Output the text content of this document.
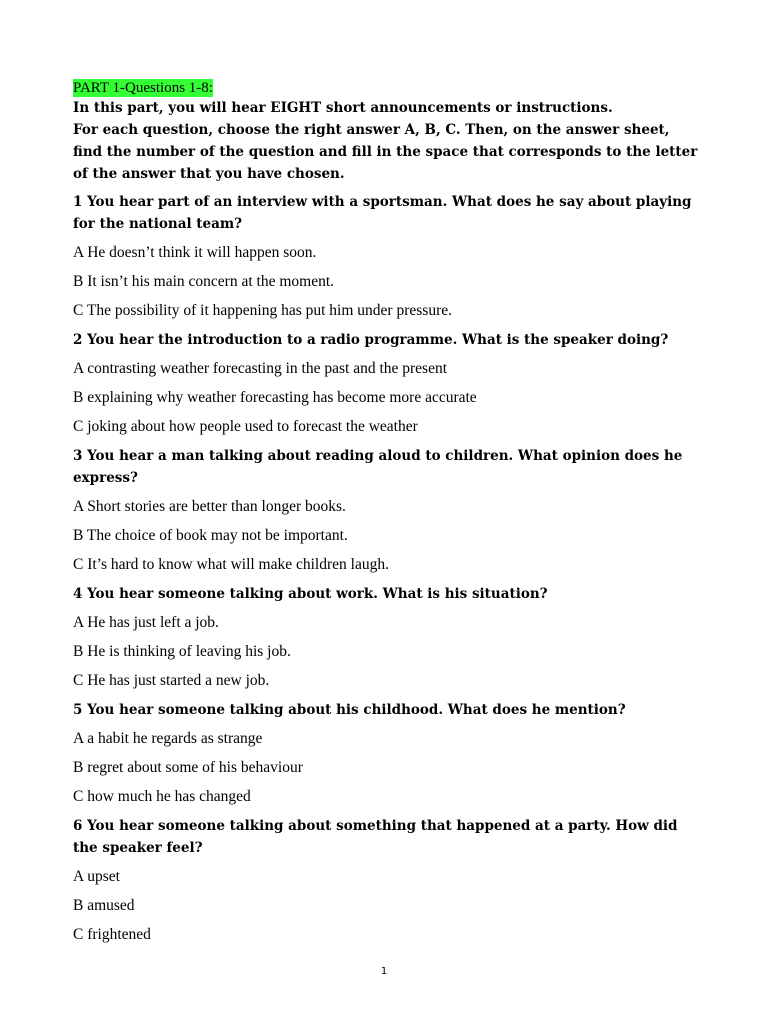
PART 1-Questions 1-8:
In this part, you will hear EIGHT short announcements or instructions.
For each question, choose the right answer A, B, C. Then, on the answer sheet, find the number of the question and fill in the space that corresponds to the letter of the answer that you have chosen.
1 You hear part of an interview with a sportsman. What does he say about playing for the national team?
A He doesn’t think it will happen soon.
B It isn’t his main concern at the moment.
C The possibility of it happening has put him under pressure.
2 You hear the introduction to a radio programme. What is the speaker doing?
A contrasting weather forecasting in the past and the present
B explaining why weather forecasting has become more accurate
C joking about how people used to forecast the weather
3 You hear a man talking about reading aloud to children. What opinion does he express?
A Short stories are better than longer books.
B The choice of book may not be important.
C It’s hard to know what will make children laugh.
4 You hear someone talking about work. What is his situation?
A He has just left a job.
B He is thinking of leaving his job.
C He has just started a new job.
5 You hear someone talking about his childhood. What does he mention?
A a habit he regards as strange
B regret about some of his behaviour
C how much he has changed
6 You hear someone talking about something that happened at a party. How did the speaker feel?
A upset
B amused
C frightened
1
